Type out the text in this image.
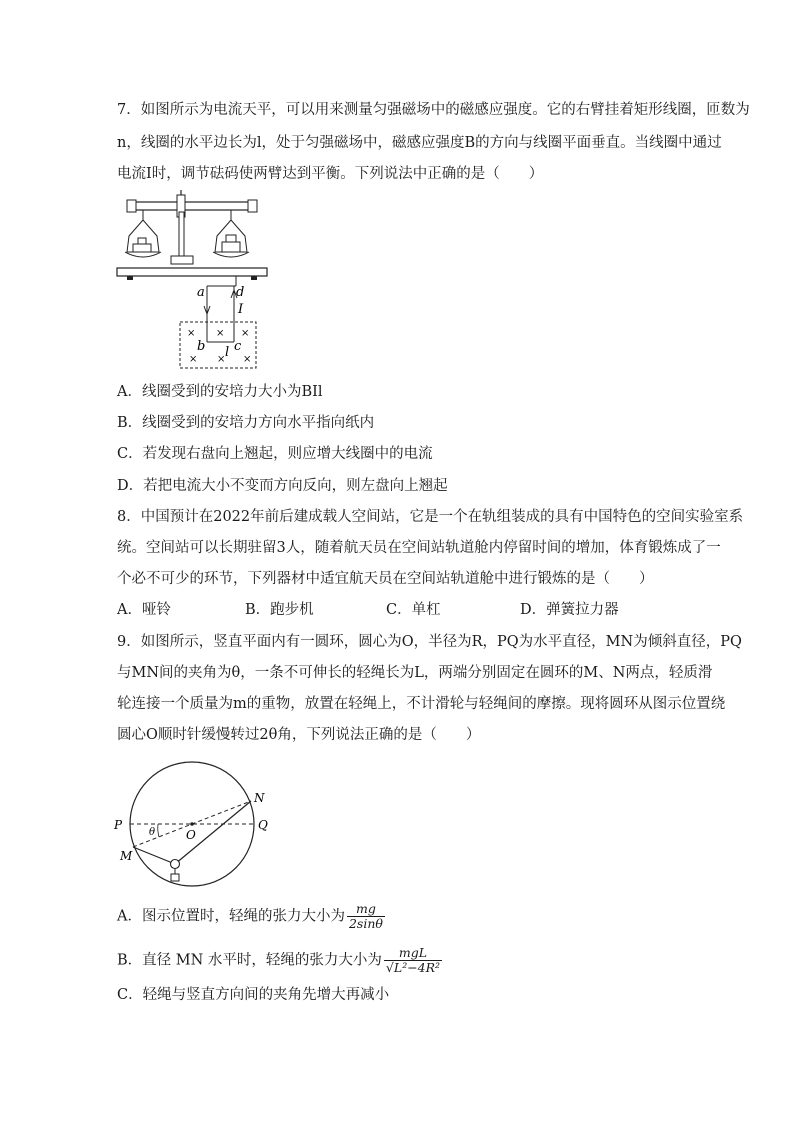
7．如图所示为电流天平，可以用来测量匀强磁场中的磁感应强度。它的右臂挂着矩形线圈，匝数为
n，线圈的水平边长为l，处于匀强磁场中，磁感应强度B的方向与线圈平面垂直。当线圈中通过
电流I时，调节砝码使两臂达到平衡。下列说法中正确的是（　　）
× × ×
× × ×
a d
I
b c
l
A．线圈受到的安培力大小为BIl
B．线圈受到的安培力方向水平指向纸内
C．若发现右盘向上翘起，则应增大线圈中的电流
D．若把电流大小不变而方向反向，则左盘向上翘起
8．中国预计在2022年前后建成载人空间站，它是一个在轨组装成的具有中国特色的空间实验室系
统。空间站可以长期驻留3人，随着航天员在空间站轨道舱内停留时间的增加，体育锻炼成了一
个必不可少的环节，下列器材中适宜航天员在空间站轨道舱中进行锻炼的是（　　）
A．哑铃	B．跑步机	C．单杠	D．弹簧拉力器
9．如图所示，竖直平面内有一圆环，圆心为O，半径为R，PQ为水平直径，MN为倾斜直径，PQ
与MN间的夹角为θ，一条不可伸长的轻绳长为L，两端分别固定在圆环的M、N两点，轻质滑
轮连接一个质量为m的重物，放置在轻绳上，不计滑轮与轻绳间的摩擦。现将圆环从图示位置绕
圆心O顺时针缓慢转过2θ角，下列说法正确的是（　　）
P	Q
M
N
O
θ
A．图示位置时，轻绳的张力大小为 $\frac{mg}{2\sin\theta}$
B．直径 MN 水平时，轻绳的张力大小为 $\frac{\text{mgL}}{\text{√L²−4R²}}$
C．轻绳与竖直方向间的夹角先增大再减小
